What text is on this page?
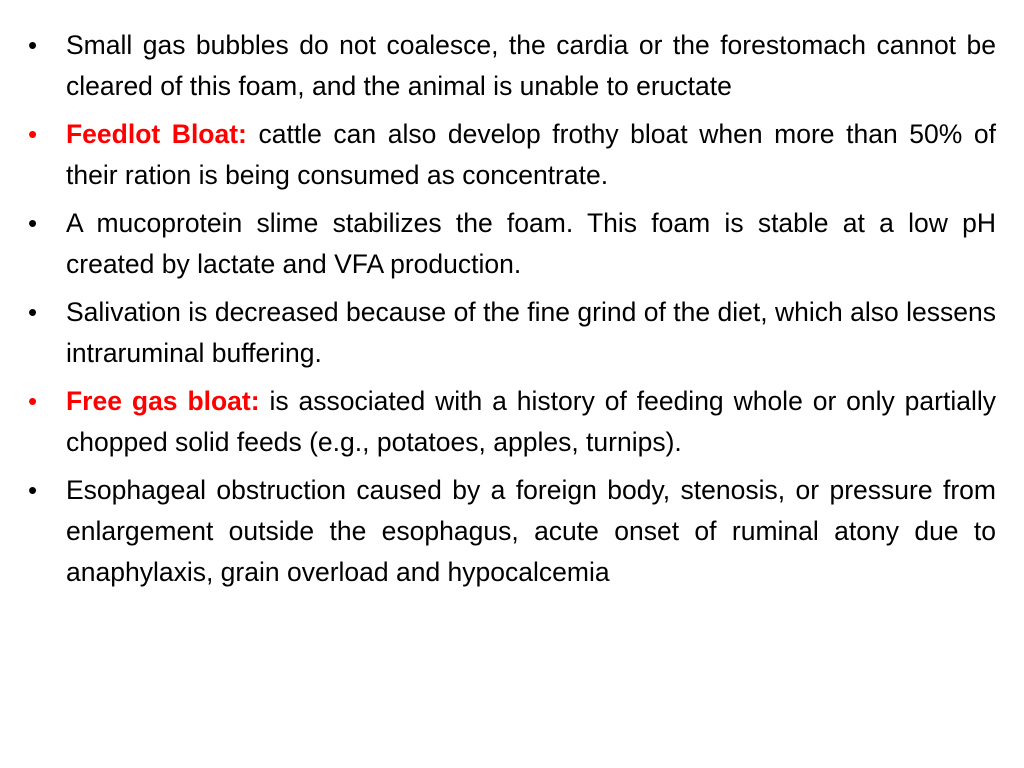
•	Small gas bubbles do not coalesce, the cardia or the forestomach cannot be cleared of this foam, and the animal is unable to eructate
•	Feedlot Bloat: cattle can also develop frothy bloat when more than 50% of their ration is being consumed as concentrate.
•	A mucoprotein slime stabilizes the foam. This foam is stable at a low pH created by lactate and VFA production.
•	Salivation is decreased because of the fine grind of the diet, which also lessens intraruminal buffering.
•	Free gas bloat: is associated with a history of feeding whole or only partially chopped solid feeds (e.g., potatoes, apples, turnips).
•	Esophageal obstruction caused by a foreign body, stenosis, or pressure from enlargement outside the esophagus, acute onset of ruminal atony due to anaphylaxis, grain overload and hypocalcemia
